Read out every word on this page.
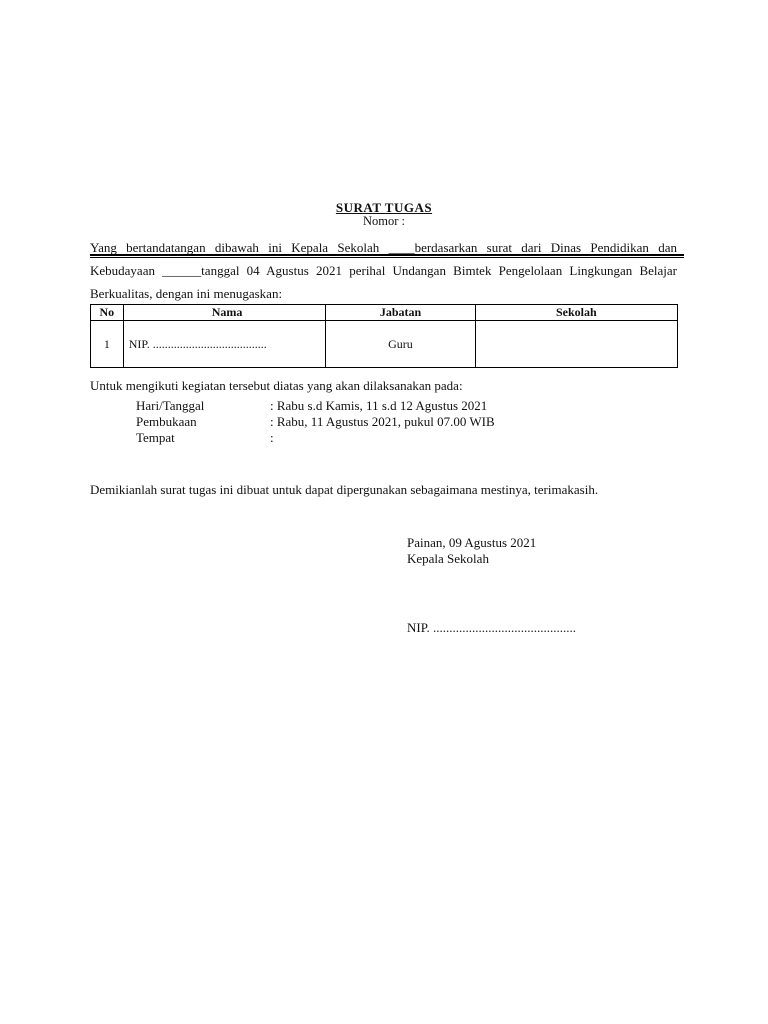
SURAT TUGAS
Nomor :
Yang bertandatangan dibawah ini Kepala Sekolah ____berdasarkan surat dari Dinas Pendidikan dan Kebudayaan ______tanggal 04 Agustus 2021 perihal Undangan Bimtek Pengelolaan Lingkungan Belajar Berkualitas, dengan ini menugaskan:
No	Nama	Jabatan	Sekolah
1	NIP. ......................................	Guru	
Untuk mengikuti kegiatan tersebut diatas yang akan dilaksanakan pada:
Hari/Tanggal	: Rabu s.d Kamis, 11 s.d 12 Agustus 2021
Pembukaan	: Rabu, 11 Agustus 2021, pukul 07.00 WIB
Tempat	:
Demikianlah surat tugas ini dibuat untuk dapat dipergunakan sebagaimana mestinya, terimakasih.
Painan, 09 Agustus 2021
Kepala Sekolah
NIP. ............................................
